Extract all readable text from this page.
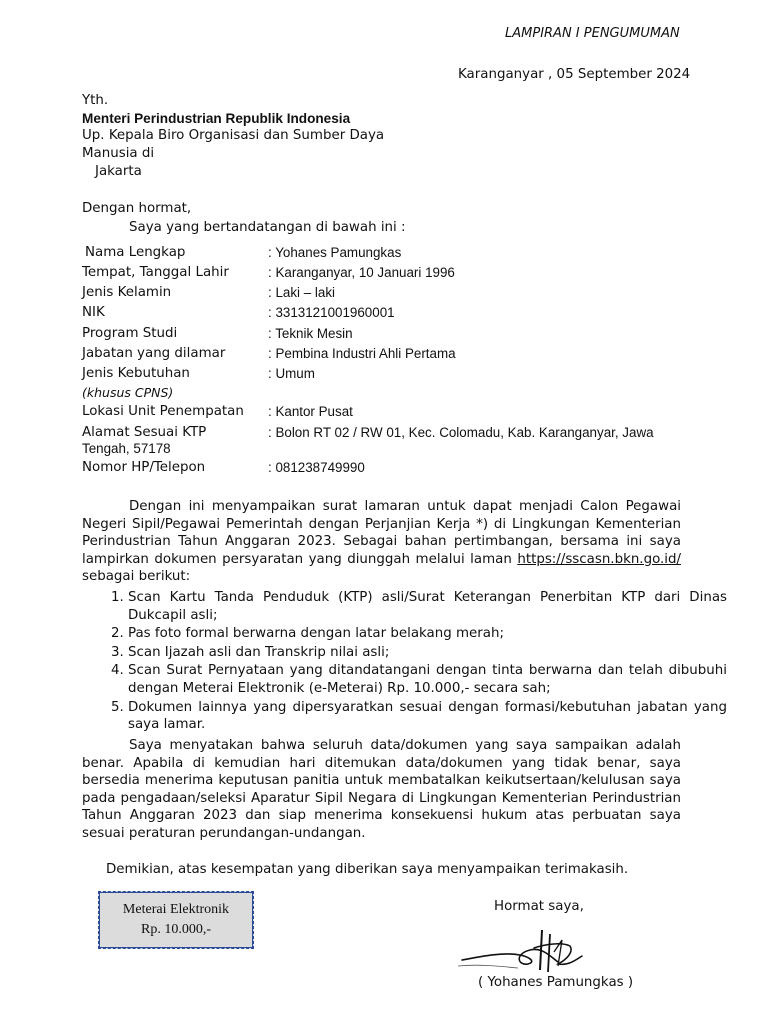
LAMPIRAN I PENGUMUMAN
Karanganyar , 05 September 2024
Yth.
Menteri Perindustrian Republik Indonesia
Up. Kepala Biro Organisasi dan Sumber Daya
Manusia di
Jakarta
Dengan hormat,
Saya yang bertandatangan di bawah ini :
Nama Lengkap	: Yohanes Pamungkas
Tempat, Tanggal Lahir	: Karanganyar, 10 Januari 1996
Jenis Kelamin	: Laki – laki
NIK	: 3313121001960001
Program Studi	: Teknik Mesin
Jabatan yang dilamar	: Pembina Industri Ahli Pertama
Jenis Kebutuhan	: Umum
(khusus CPNS)
Lokasi Unit Penempatan : Kantor Pusat
Alamat Sesuai KTP	: Bolon RT 02 / RW 01, Kec. Colomadu, Kab. Karanganyar, Jawa
Tengah, 57178
Nomor HP/Telepon	: 081238749990
Dengan ini menyampaikan surat lamaran untuk dapat menjadi Calon Pegawai Negeri Sipil/Pegawai Pemerintah dengan Perjanjian Kerja *) di Lingkungan Kementerian Perindustrian Tahun Anggaran 2023. Sebagai bahan pertimbangan, bersama ini saya lampirkan dokumen persyaratan yang diunggah melalui laman https://sscasn.bkn.go.id/ sebagai berikut:
1. Scan Kartu Tanda Penduduk (KTP) asli/Surat Keterangan Penerbitan KTP dari Dinas Dukcapil asli;
2. Pas foto formal berwarna dengan latar belakang merah;
3. Scan Ijazah asli dan Transkrip nilai asli;
4. Scan Surat Pernyataan yang ditandatangani dengan tinta berwarna dan telah dibubuhi dengan Meterai Elektronik (e-Meterai) Rp. 10.000,- secara sah;
5. Dokumen lainnya yang dipersyaratkan sesuai dengan formasi/kebutuhan jabatan yang saya lamar.
Saya menyatakan bahwa seluruh data/dokumen yang saya sampaikan adalah benar. Apabila di kemudian hari ditemukan data/dokumen yang tidak benar, saya bersedia menerima keputusan panitia untuk membatalkan keikutsertaan/kelulusan saya pada pengadaan/seleksi Aparatur Sipil Negara di Lingkungan Kementerian Perindustrian Tahun Anggaran 2023 dan siap menerima konsekuensi hukum atas perbuatan saya sesuai peraturan perundangan-undangan.
Demikian, atas kesempatan yang diberikan saya menyampaikan terimakasih.
Meterai Elektronik
Rp. 10.000,-
Hormat saya,
( Yohanes Pamungkas )
